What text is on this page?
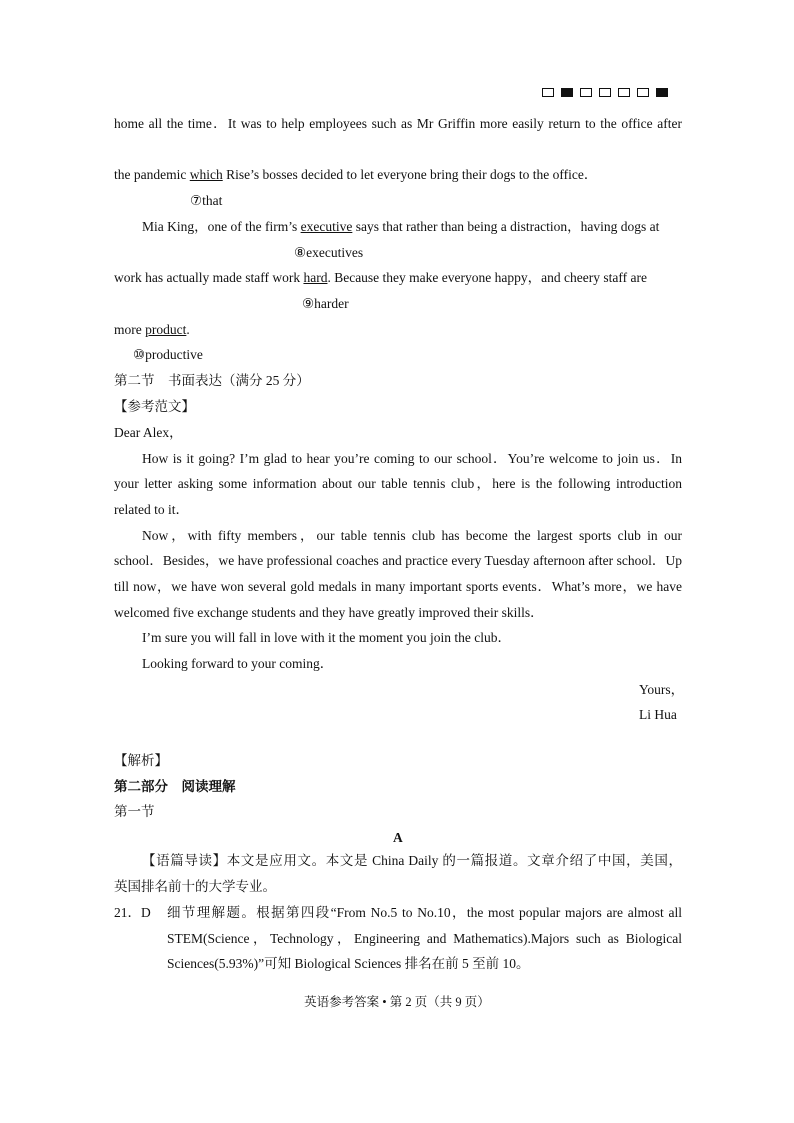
home all the time．It was to help employees such as Mr Griffin more easily return to the office after
the pandemic which Rise’s bosses decided to let everyone bring their dogs to the office．
⑦that
Mia King，one of the firm’s executive says that rather than being a distraction，having dogs at
⑧executives
work has actually made staff work hard. Because they make everyone happy，and cheery staff are
⑨harder
more product.
⑩productive
第二节　书面表达（满分 25 分）
【参考范文】
Dear Alex，
How is it going? I’m glad to hear you’re coming to our school．You’re welcome to join us．In
your letter asking some information about our table tennis club，here is the following introduction
related to it．
Now，with fifty members，our table tennis club has become the largest sports club in our
school．Besides，we have professional coaches and practice every Tuesday afternoon after school．Up
till now，we have won several gold medals in many important sports events．What’s more，we have
welcomed five exchange students and they have greatly improved their skills．
I’m sure you will fall in love with it the moment you join the club．
Looking forward to your coming．
Yours，
Li Hua
【解析】
第二部分　阅读理解
第一节
A
【语篇导读】本文是应用文。本文是 China Daily 的一篇报道。文章介绍了中国，美国，
英国排名前十的大学专业。
21．D 细节理解题。根据第四段“From No.5 to No.10，the most popular majors are almost all
STEM(Science，Technology，Engineering and Mathematics).Majors such as Biological
Sciences(5.93%)”可知 Biological Sciences 排名在前 5 至前 10。
英语参考答案 • 第 2 页（共 9 页）
